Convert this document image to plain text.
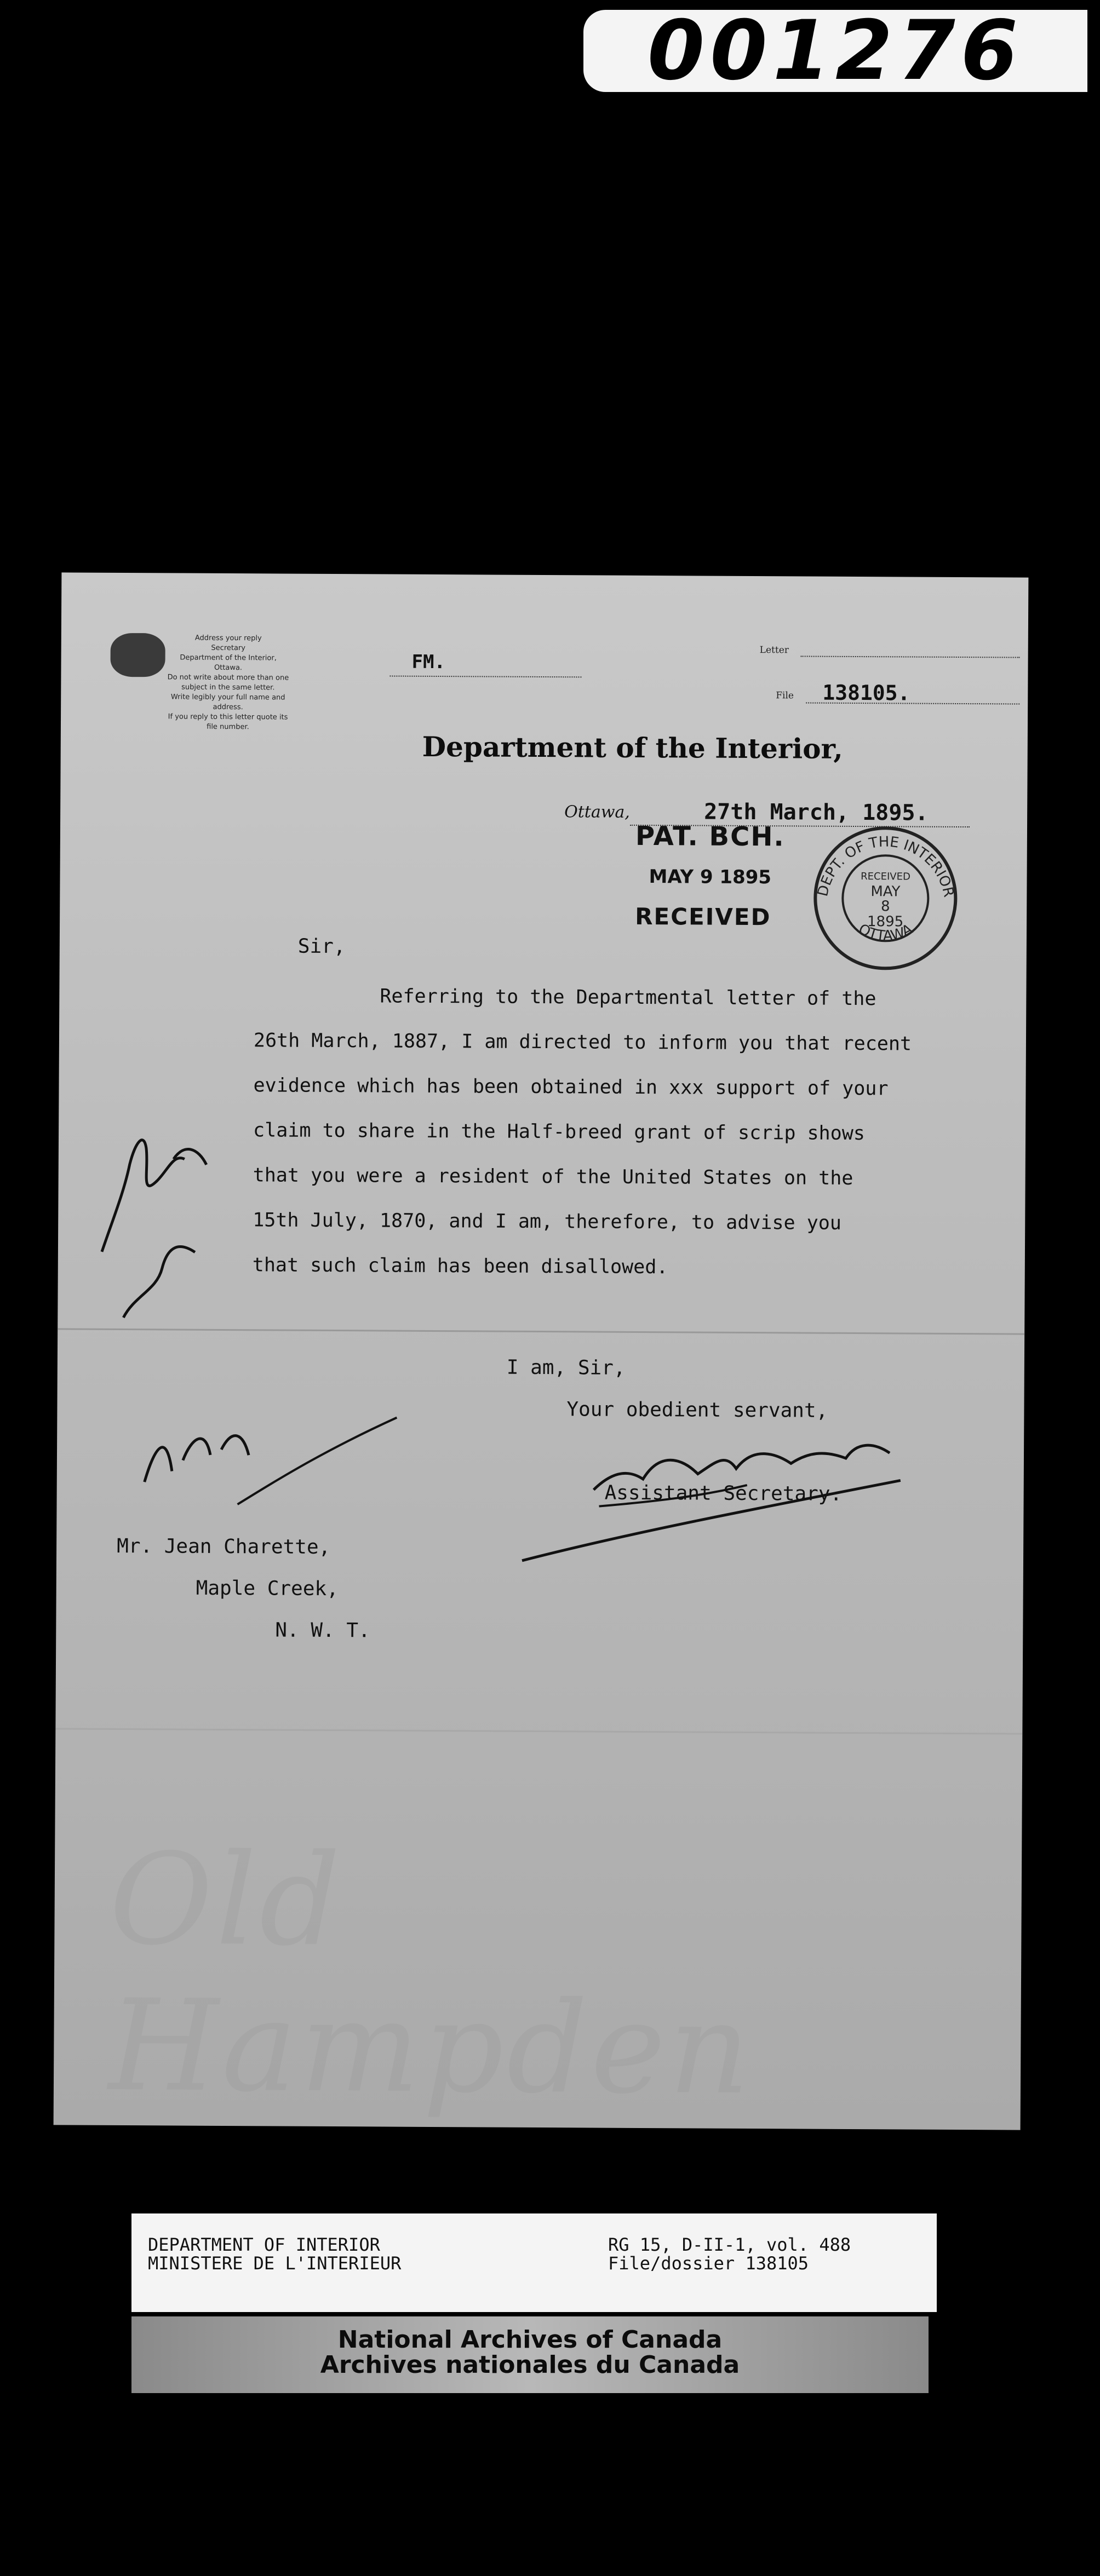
001276
Address your reply
Secretary
Department of the Interior,
Ottawa.
Do not write about more than one
subject in the same letter.
Write legibly your full name and
address.
If you reply to this letter quote its
file number.
FM.
Letter
File 138105.
Department of the Interior,
Ottawa,	27th March, 1895.
PAT. BCH.
MAY 9 1895
RECEIVED
DEPT. OF THE INTERIOR
OTTAWA
RECEIVED
MAY
8
1895
Sir,

Referring to the Departmental letter of the

26th March, 1887, I am directed to inform you that recent

evidence which has been obtained in xxx support of your

claim to share in the Half-breed grant of scrip shows

that you were a resident of the United States on the

15th July, 1870, and I am, therefore, to advise you

that such claim has been disallowed.

I am, Sir,

Your obedient servant,

Assistant Secretary.

Mr. Jean Charette,

Maple Creek,

N. W. T.

Old Hampden
DEPARTMENT OF INTERIOR
MINISTERE DE L'INTERIEUR
RG 15, D-II-1, vol. 488
File/dossier 138105
National Archives of Canada
Archives nationales du Canada
